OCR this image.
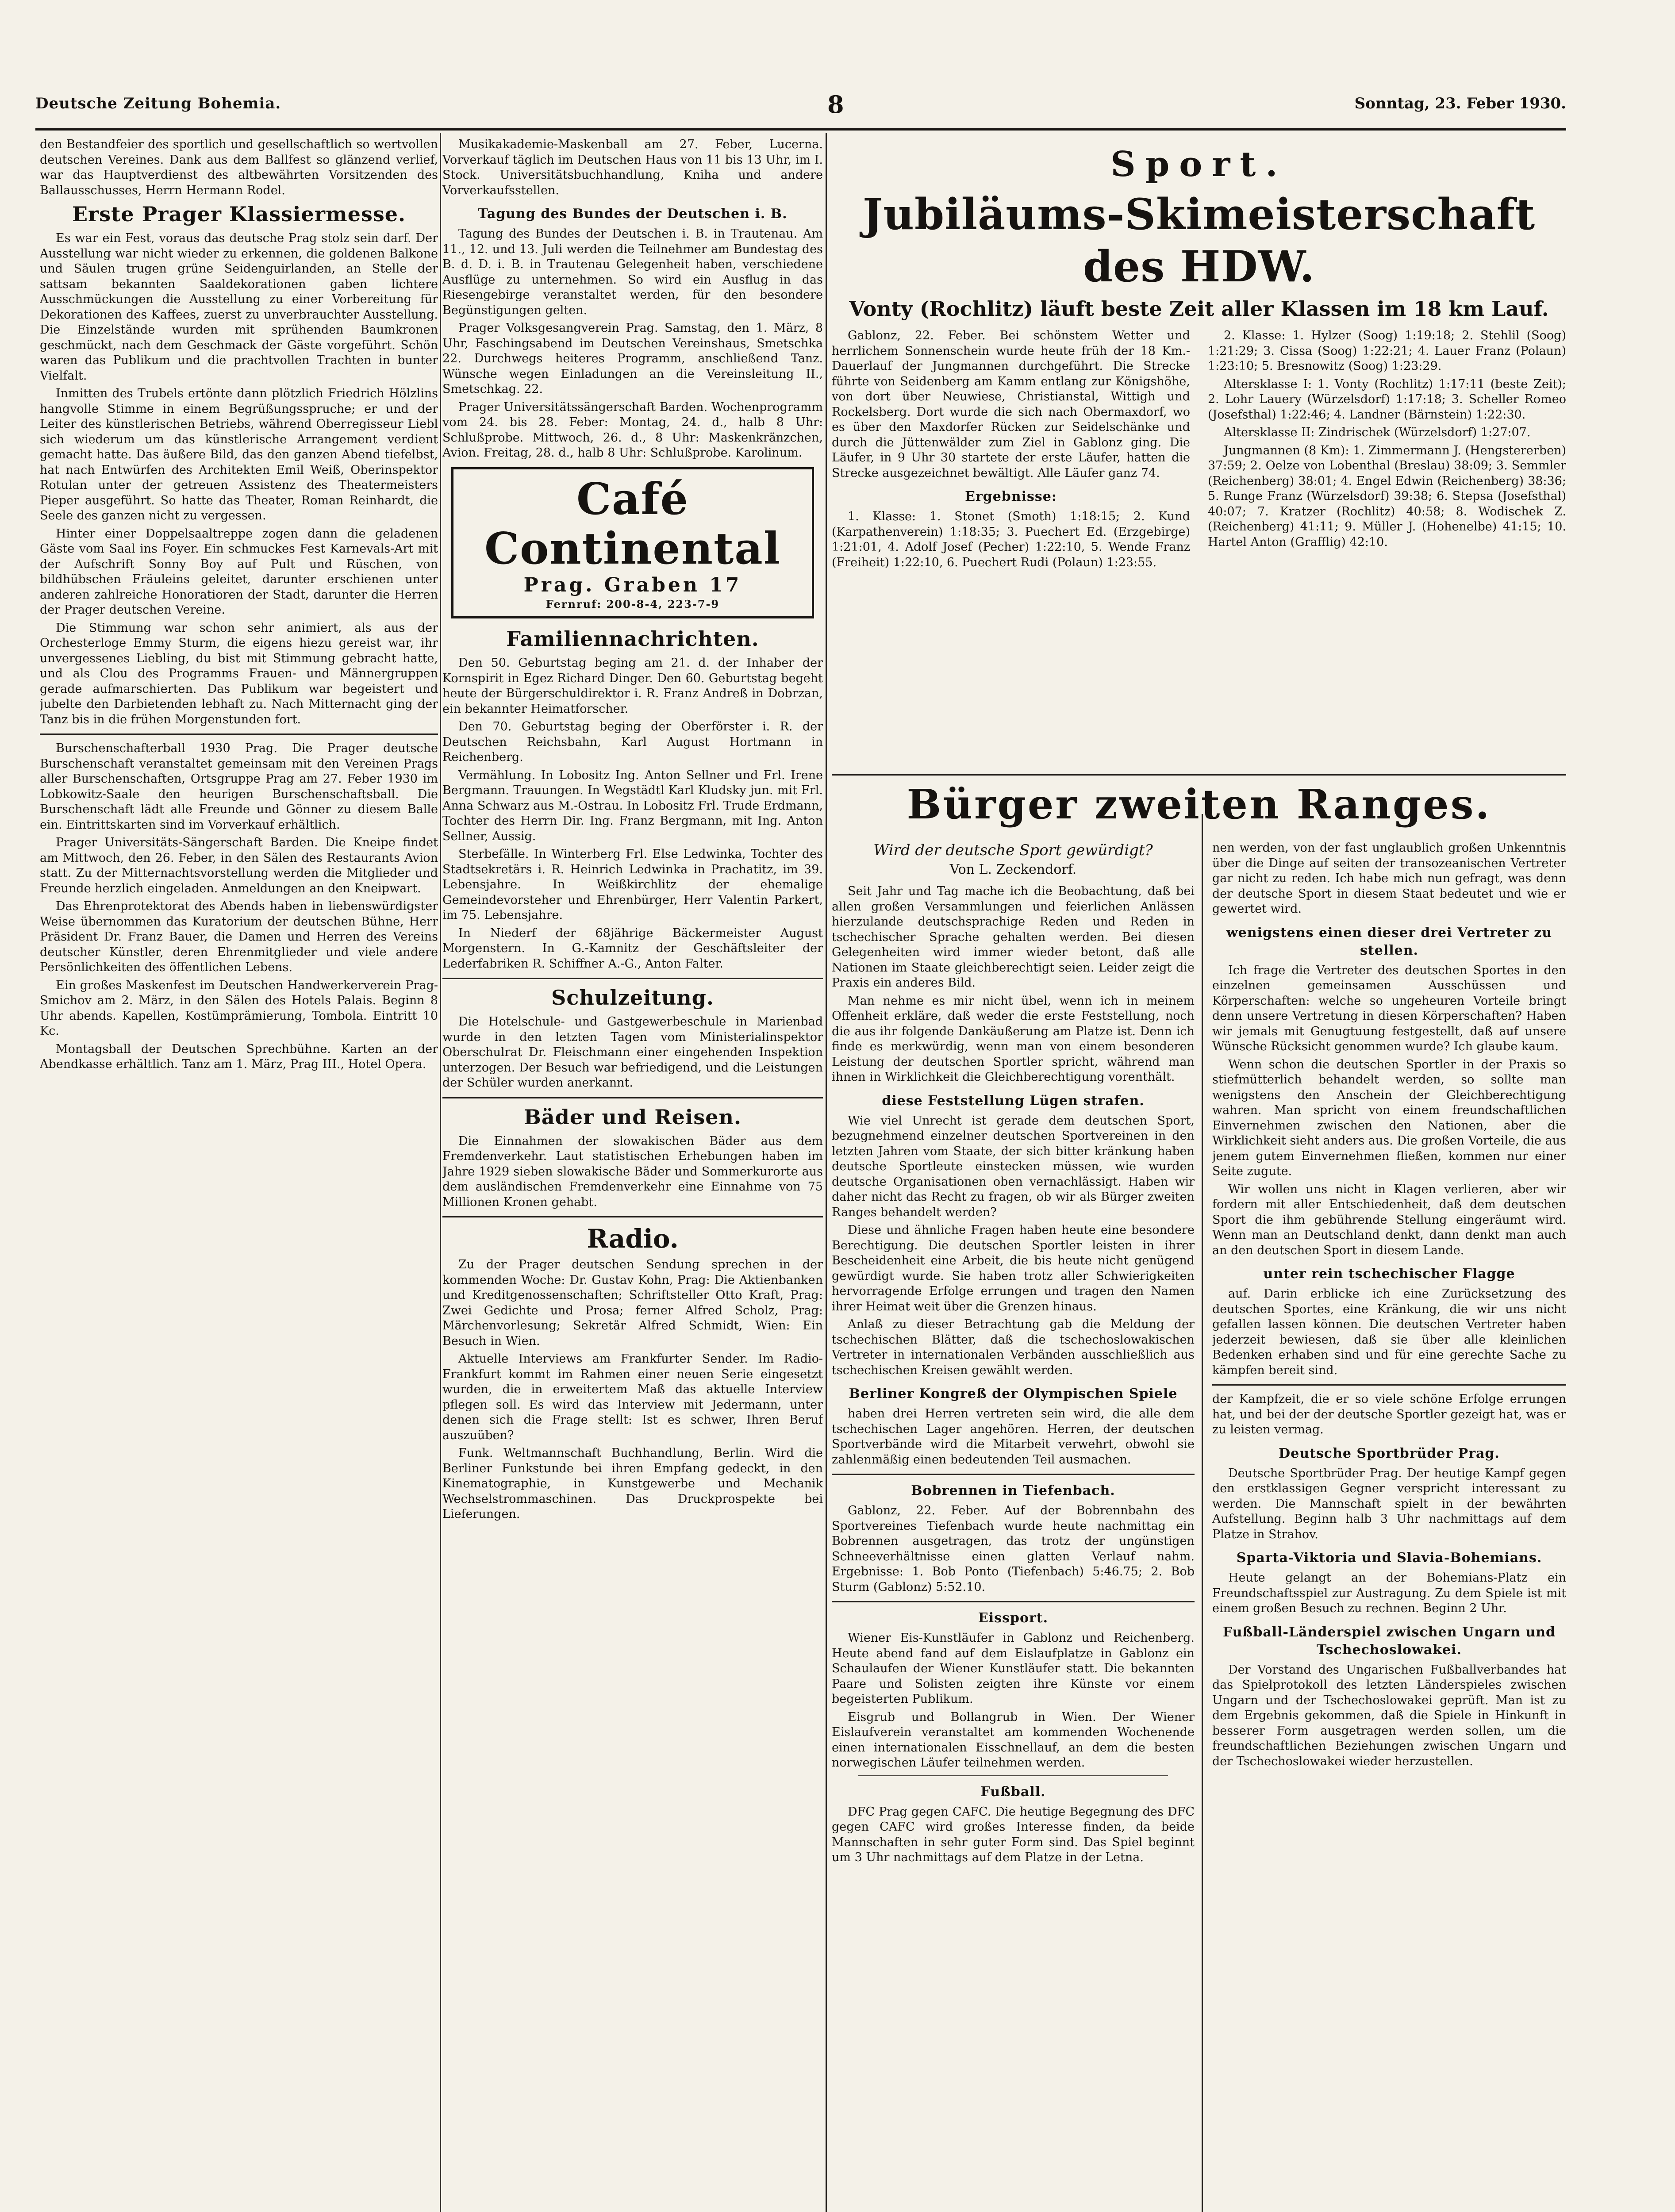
Deutsche Zeitung Bohemia.	8	Sonntag, 23. Feber 1930.

den Bestandfeier des sportlich und gesellschaftlich so wertvollen deutschen Vereines. Dank aus dem Ballfest so glänzend verlief, war das Hauptverdienst des altbewährten Vorsitzenden des Ballausschusses, Herrn Hermann Rodel.

Erste Prager Klassiermesse.

Es war ein Fest, voraus das deutsche Prag stolz sein darf. Der Ausstellung war nicht wieder zu erkennen, die goldenen Balkone und Säulen trugen grüne Seidenguirlanden, an Stelle der sattsam bekannten Saaldekorationen gaben lichtere Ausschmückungen die Ausstellung zu einer Vorbereitung für Dekorationen des Kaffees, zuerst zu unverbrauchter Ausstellung. Die Einzelstände wurden mit sprühenden Baumkronen geschmückt, nach dem Geschmack der Gäste vorgeführt. Schön waren das Publikum und die prachtvollen Trachten in bunter Vielfalt.

Inmitten des Trubels ertönte dann plötzlich Friedrich Hölzlins hangvolle Stimme in einem Begrüßungsspruche; er und der Leiter des künstlerischen Betriebs, während Oberregisseur Liebl sich wiederum um das künstlerische Arrangement verdient gemacht hatte. Das äußere Bild, das den ganzen Abend tiefelbst, hat nach Entwürfen des Architekten Emil Weiß, Oberinspektor Rotulan unter der getreuen Assistenz des Theatermeisters Pieper ausgeführt. So hatte das Theater, Roman Reinhardt, die Seele des ganzen nicht zu vergessen.

Hinter einer Doppelsaaltreppe zogen dann die geladenen Gäste vom Saal ins Foyer. Ein schmuckes Fest Karnevals-Art mit der Aufschrift Sonny Boy auf Pult und Rüschen, von bildhübschen Fräuleins geleitet, darunter erschienen unter anderen zahlreiche Honoratioren der Stadt, darunter die Herren der Prager deutschen Vereine.

Die Stimmung war schon sehr animiert, als aus der Orchesterloge Emmy Sturm, die eigens hiezu gereist war, ihr unvergessenes Liebling, du bist mit Stimmung gebracht hatte, und als Clou des Programms Frauen- und Männergruppen gerade aufmarschierten. Das Publikum war begeistert und jubelte den Darbietenden lebhaft zu. Nach Mitternacht ging der Tanz bis in die frühen Morgenstunden fort.

Burschenschafterball 1930 Prag. Die Prager deutsche Burschenschaft veranstaltet gemeinsam mit den Vereinen Prags aller Burschenschaften, Ortsgruppe Prag am 27. Feber 1930 im Lobkowitz-Saale den heurigen Burschenschaftsball. Die Burschenschaft lädt alle Freunde und Gönner zu diesem Balle ein. Eintrittskarten sind im Vorverkauf erhältlich.

Prager Universitäts-Sängerschaft Barden. Die Kneipe findet am Mittwoch, den 26. Feber, in den Sälen des Restaurants Avion statt. Zu der Mitternachtsvorstellung werden die Mitglieder und Freunde herzlich eingeladen. Anmeldungen an den Kneipwart.

Das Ehrenprotektorat des Abends haben in liebenswürdigster Weise übernommen das Kuratorium der deutschen Bühne, Herr Präsident Dr. Franz Bauer, die Damen und Herren des Vereins deutscher Künstler, deren Ehrenmitglieder und viele andere Persönlichkeiten des öffentlichen Lebens.

Ein großes Maskenfest im Deutschen Handwerkerverein Prag-Smichov am 2. März, in den Sälen des Hotels Palais. Beginn 8 Uhr abends. Kapellen, Kostümprämierung, Tombola. Eintritt 10 Kc.

Montagsball der Deutschen Sprechbühne. Karten an der Abendkasse erhältlich. Tanz am 1. März, Prag III., Hotel Opera.

Musikakademie-Maskenball am 27. Feber, Lucerna. Vorverkauf täglich im Deutschen Haus von 11 bis 13 Uhr, im I. Stock. Universitätsbuchhandlung, Kniha und andere Vorverkaufsstellen.

Tagung des Bundes der Deutschen i. B.

Tagung des Bundes der Deutschen i. B. in Trautenau. Am 11., 12. und 13. Juli werden die Teilnehmer am Bundestag des B. d. D. i. B. in Trautenau Gelegenheit haben, verschiedene Ausflüge zu unternehmen. So wird ein Ausflug in das Riesengebirge veranstaltet werden, für den besondere Begünstigungen gelten.

Prager Volksgesangverein Prag. Samstag, den 1. März, 8 Uhr, Faschingsabend im Deutschen Vereinshaus, Smetschka 22. Durchwegs heiteres Programm, anschließend Tanz. Wünsche wegen Einladungen an die Vereinsleitung II., Smetschkag. 22.

Prager Universitätssängerschaft Barden. Wochenprogramm vom 24. bis 28. Feber: Montag, 24. d., halb 8 Uhr: Schlußprobe. Mittwoch, 26. d., 8 Uhr: Maskenkränzchen, Avion. Freitag, 28. d., halb 8 Uhr: Schlußprobe. Karolinum.

Café Continental
Prag. Graben 17
Fernruf: 200-8-4, 223-7-9
Familiennachrichten.

Den 50. Geburtstag beging am 21. d. der Inhaber der Kornspirit in Egez Richard Dinger. Den 60. Geburtstag begeht heute der Bürgerschuldirektor i. R. Franz Andreß in Dobrzan, ein bekannter Heimatforscher.

Den 70. Geburtstag beging der Oberförster i. R. der Deutschen Reichsbahn, Karl August Hortmann in Reichenberg.

Vermählung. In Lobositz Ing. Anton Sellner und Frl. Irene Bergmann. Trauungen. In Wegstädtl Karl Kludsky jun. mit Frl. Anna Schwarz aus M.-Ostrau. In Lobositz Frl. Trude Erdmann, Tochter des Herrn Dir. Ing. Franz Bergmann, mit Ing. Anton Sellner, Aussig.

Sterbefälle. In Winterberg Frl. Else Ledwinka, Tochter des Stadtsekretärs i. R. Heinrich Ledwinka in Prachatitz, im 39. Lebensjahre. In Weißkirchlitz der ehemalige Gemeindevorsteher und Ehrenbürger, Herr Valentin Parkert, im 75. Lebensjahre.

In Niederf der 68jährige Bäckermeister August Morgenstern. In G.-Kamnitz der Geschäftsleiter der Lederfabriken R. Schiffner A.-G., Anton Falter.

Schulzeitung.

Die Hotelschule- und Gastgewerbeschule in Marienbad wurde in den letzten Tagen vom Ministerialinspektor Oberschulrat Dr. Fleischmann einer eingehenden Inspektion unterzogen. Der Besuch war befriedigend, und die Leistungen der Schüler wurden anerkannt.

Bäder und Reisen.

Die Einnahmen der slowakischen Bäder aus dem Fremdenverkehr. Laut statistischen Erhebungen haben im Jahre 1929 sieben slowakische Bäder und Sommerkurorte aus dem ausländischen Fremdenverkehr eine Einnahme von 75 Millionen Kronen gehabt.

Radio.

Zu der Prager deutschen Sendung sprechen in der kommenden Woche: Dr. Gustav Kohn, Prag: Die Aktienbanken und Kreditgenossenschaften; Schriftsteller Otto Kraft, Prag: Zwei Gedichte und Prosa; ferner Alfred Scholz, Prag: Märchenvorlesung; Sekretär Alfred Schmidt, Wien: Ein Besuch in Wien.

Aktuelle Interviews am Frankfurter Sender. Im Radio-Frankfurt kommt im Rahmen einer neuen Serie eingesetzt wurden, die in erweitertem Maß das aktuelle Interview pflegen soll. Es wird das Interview mit Jedermann, unter denen sich die Frage stellt: Ist es schwer, Ihren Beruf auszuüben?

Funk. Weltmannschaft Buchhandlung, Berlin. Wird die Berliner Funkstunde bei ihren Empfang gedeckt, in den Kinematographie, in Kunstgewerbe und Mechanik Wechselstrommaschinen. Das Druckprospekte bei Lieferungen.

Sport.
Jubiläums-Skimeisterschaft des HDW.
Vonty (Rochlitz) läuft beste Zeit aller Klassen im 18 km Lauf.

Gablonz, 22. Feber. Bei schönstem Wetter und herrlichem Sonnenschein wurde heute früh der 18 Km.-Dauerlauf der Jungmannen durchgeführt. Die Strecke führte von Seidenberg am Kamm entlang zur Königshöhe, von dort über Neuwiese, Christianstal, Wittigh und Rockelsberg. Dort wurde die sich nach Obermaxdorf, wo es über den Maxdorfer Rücken zur Seidelschänke und durch die Jüttenwälder zum Ziel in Gablonz ging. Die Läufer, in 9 Uhr 30 startete der erste Läufer, hatten die Strecke ausgezeichnet bewältigt. Alle Läufer ganz 74.

Ergebnisse:

1. Klasse: 1. Stonet (Smoth) 1:18:15; 2. Kund (Karpathenverein) 1:18:35; 3. Puechert Ed. (Erzgebirge) 1:21:01, 4. Adolf Josef (Pecher) 1:22:10, 5. Wende Franz (Freiheit) 1:22:10, 6. Puechert Rudi (Polaun) 1:23:55.

2. Klasse: 1. Hylzer (Soog) 1:19:18; 2. Stehlil (Soog) 1:21:29; 3. Cissa (Soog) 1:22:21; 4. Lauer Franz (Polaun) 1:23:10; 5. Bresnowitz (Soog) 1:23:29.

Altersklasse I: 1. Vonty (Rochlitz) 1:17:11 (beste Zeit); 2. Lohr Lauery (Würzelsdorf) 1:17:18; 3. Scheller Romeo (Josefsthal) 1:22:46; 4. Landner (Bärnstein) 1:22:30.

Altersklasse II: Zindrischek (Würzelsdorf) 1:27:07.

Jungmannen (8 Km): 1. Zimmermann J. (Hengstererben) 37:59; 2. Oelze von Lobenthal (Breslau) 38:09; 3. Semmler (Reichenberg) 38:01; 4. Engel Edwin (Reichenberg) 38:36; 5. Runge Franz (Würzelsdorf) 39:38; 6. Stepsa (Josefsthal) 40:07; 7. Kratzer (Rochlitz) 40:58; 8. Wodischek Z. (Reichenberg) 41:11; 9. Müller J. (Hohenelbe) 41:15; 10. Hartel Anton (Grafflig) 42:10.

Bürger zweiten Ranges.
Wird der deutsche Sport gewürdigt?
Von L. Zeckendorf.

Seit Jahr und Tag mache ich die Beobachtung, daß bei allen großen Versammlungen und feierlichen Anlässen hierzulande deutschsprachige Reden und Reden in tschechischer Sprache gehalten werden. Bei diesen Gelegenheiten wird immer wieder betont, daß alle Nationen im Staate gleichberechtigt seien. Leider zeigt die Praxis ein anderes Bild.

Man nehme es mir nicht übel, wenn ich in meinem Offenheit erkläre, daß weder die erste Feststellung, noch die aus ihr folgende Dankäußerung am Platze ist. Denn ich finde es merkwürdig, wenn man von einem besonderen Leistung der deutschen Sportler spricht, während man ihnen in Wirklichkeit die Gleichberechtigung vorenthält.

diese Feststellung Lügen strafen.

Wie viel Unrecht ist gerade dem deutschen Sport, bezugnehmend einzelner deutschen Sportvereinen in den letzten Jahren vom Staate, der sich bitter kränkung haben deutsche Sportleute einstecken müssen, wie wurden deutsche Organisationen oben vernachlässigt. Haben wir daher nicht das Recht zu fragen, ob wir als Bürger zweiten Ranges behandelt werden?

Diese und ähnliche Fragen haben heute eine besondere Berechtigung. Die deutschen Sportler leisten in ihrer Bescheidenheit eine Arbeit, die bis heute nicht genügend gewürdigt wurde. Sie haben trotz aller Schwierigkeiten hervorragende Erfolge errungen und tragen den Namen ihrer Heimat weit über die Grenzen hinaus.

Anlaß zu dieser Betrachtung gab die Meldung der tschechischen Blätter, daß die tschechoslowakischen Vertreter in internationalen Verbänden ausschließlich aus tschechischen Kreisen gewählt werden.

Berliner Kongreß der Olympischen Spiele

haben drei Herren vertreten sein wird, die alle dem tschechischen Lager angehören. Herren, der deutschen Sportverbände wird die Mitarbeit verwehrt, obwohl sie zahlenmäßig einen bedeutenden Teil ausmachen.

Bobrennen in Tiefenbach.

Gablonz, 22. Feber. Auf der Bobrennbahn des Sportvereines Tiefenbach wurde heute nachmittag ein Bobrennen ausgetragen, das trotz der ungünstigen Schneeverhältnisse einen glatten Verlauf nahm. Ergebnisse: 1. Bob Ponto (Tiefenbach) 5:46.75; 2. Bob Sturm (Gablonz) 5:52.10.

Eissport.

Wiener Eis-Kunstläufer in Gablonz und Reichenberg. Heute abend fand auf dem Eislaufplatze in Gablonz ein Schaulaufen der Wiener Kunstläufer statt. Die bekannten Paare und Solisten zeigten ihre Künste vor einem begeisterten Publikum.

Eisgrub und Bollangrub in Wien. Der Wiener Eislaufverein veranstaltet am kommenden Wochenende einen internationalen Eisschnellauf, an dem die besten norwegischen Läufer teilnehmen werden.

Fußball.

DFC Prag gegen CAFC. Die heutige Begegnung des DFC gegen CAFC wird großes Interesse finden, da beide Mannschaften in sehr guter Form sind. Das Spiel beginnt um 3 Uhr nachmittags auf dem Platze in der Letna.

nen werden, von der fast unglaublich großen Unkenntnis über die Dinge auf seiten der transozeanischen Vertreter gar nicht zu reden. Ich habe mich nun gefragt, was denn der deutsche Sport in diesem Staat bedeutet und wie er gewertet wird.

wenigstens einen dieser drei Vertreter zu stellen.

Ich frage die Vertreter des deutschen Sportes in den einzelnen gemeinsamen Ausschüssen und Körperschaften: welche so ungeheuren Vorteile bringt denn unsere Vertretung in diesen Körperschaften? Haben wir jemals mit Genugtuung festgestellt, daß auf unsere Wünsche Rücksicht genommen wurde? Ich glaube kaum.

Wenn schon die deutschen Sportler in der Praxis so stiefmütterlich behandelt werden, so sollte man wenigstens den Anschein der Gleichberechtigung wahren. Man spricht von einem freundschaftlichen Einvernehmen zwischen den Nationen, aber die Wirklichkeit sieht anders aus. Die großen Vorteile, die aus jenem gutem Einvernehmen fließen, kommen nur einer Seite zugute.

Wir wollen uns nicht in Klagen verlieren, aber wir fordern mit aller Entschiedenheit, daß dem deutschen Sport die ihm gebührende Stellung eingeräumt wird. Wenn man an Deutschland denkt, dann denkt man auch an den deutschen Sport in diesem Lande.

unter rein tschechischer Flagge

auf. Darin erblicke ich eine Zurücksetzung des deutschen Sportes, eine Kränkung, die wir uns nicht gefallen lassen können. Die deutschen Vertreter haben jederzeit bewiesen, daß sie über alle kleinlichen Bedenken erhaben sind und für eine gerechte Sache zu kämpfen bereit sind.

der Kampfzeit, die er so viele schöne Erfolge errungen hat, und bei der der deutsche Sportler gezeigt hat, was er zu leisten vermag.

Deutsche Sportbrüder Prag.

Deutsche Sportbrüder Prag. Der heutige Kampf gegen den erstklassigen Gegner verspricht interessant zu werden. Die Mannschaft spielt in der bewährten Aufstellung. Beginn halb 3 Uhr nachmittags auf dem Platze in Strahov.

Sparta-Viktoria und Slavia-Bohemians.

Heute gelangt an der Bohemians-Platz ein Freundschaftsspiel zur Austragung. Zu dem Spiele ist mit einem großen Besuch zu rechnen. Beginn 2 Uhr.

Fußball-Länderspiel zwischen Ungarn und Tschechoslowakei.

Der Vorstand des Ungarischen Fußballverbandes hat das Spielprotokoll des letzten Länderspieles zwischen Ungarn und der Tschechoslowakei geprüft. Man ist zu dem Ergebnis gekommen, daß die Spiele in Hinkunft in besserer Form ausgetragen werden sollen, um die freundschaftlichen Beziehungen zwischen Ungarn und der Tschechoslowakei wieder herzustellen.
